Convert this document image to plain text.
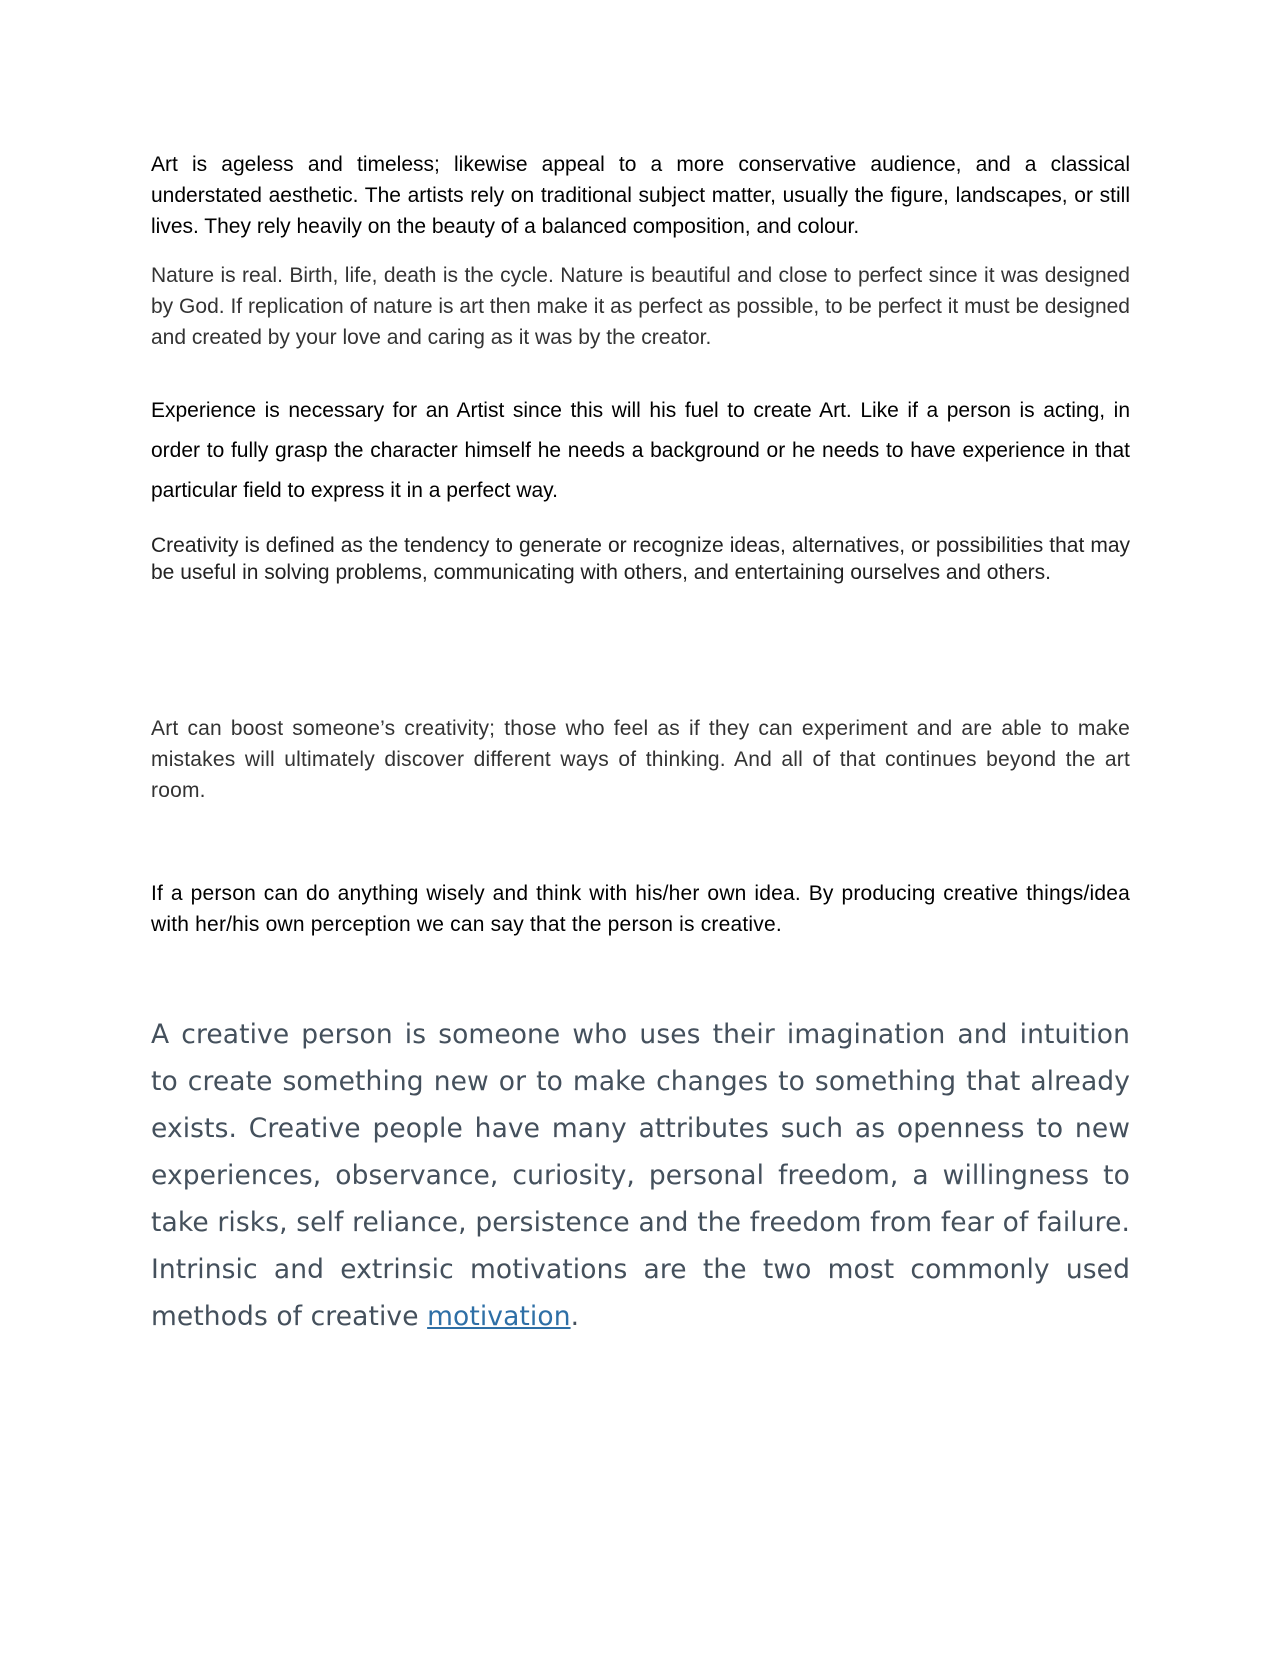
Art is ageless and timeless; likewise appeal to a more conservative audience, and a classical understated aesthetic. The artists rely on traditional subject matter, usually the figure, landscapes, or still lives. They rely heavily on the beauty of a balanced composition, and colour.

Nature is real. Birth, life, death is the cycle. Nature is beautiful and close to perfect since it was designed by God. If replication of nature is art then make it as perfect as possible, to be perfect it must be designed and created by your love and caring as it was by the creator.

Experience is necessary for an Artist since this will his fuel to create Art. Like if a person is acting, in order to fully grasp the character himself he needs a background or he needs to have experience in that particular field to express it in a perfect way.

Creativity is defined as the tendency to generate or recognize ideas, alternatives, or possibilities that may be useful in solving problems, communicating with others, and entertaining ourselves and others.

Art can boost someone’s creativity; those who feel as if they can experiment and are able to make mistakes will ultimately discover different ways of thinking. And all of that continues beyond the art room.

If a person can do anything wisely and think with his/her own idea. By producing creative things/idea with her/his own perception we can say that the person is creative.

A creative person is someone who uses their imagination and intuition to create something new or to make changes to something that already exists. Creative people have many attributes such as openness to new experiences, observance, curiosity, personal freedom, a willingness to take risks, self reliance, persistence and the freedom from fear of failure. Intrinsic and extrinsic motivations are the two most commonly used methods of creative motivation.
